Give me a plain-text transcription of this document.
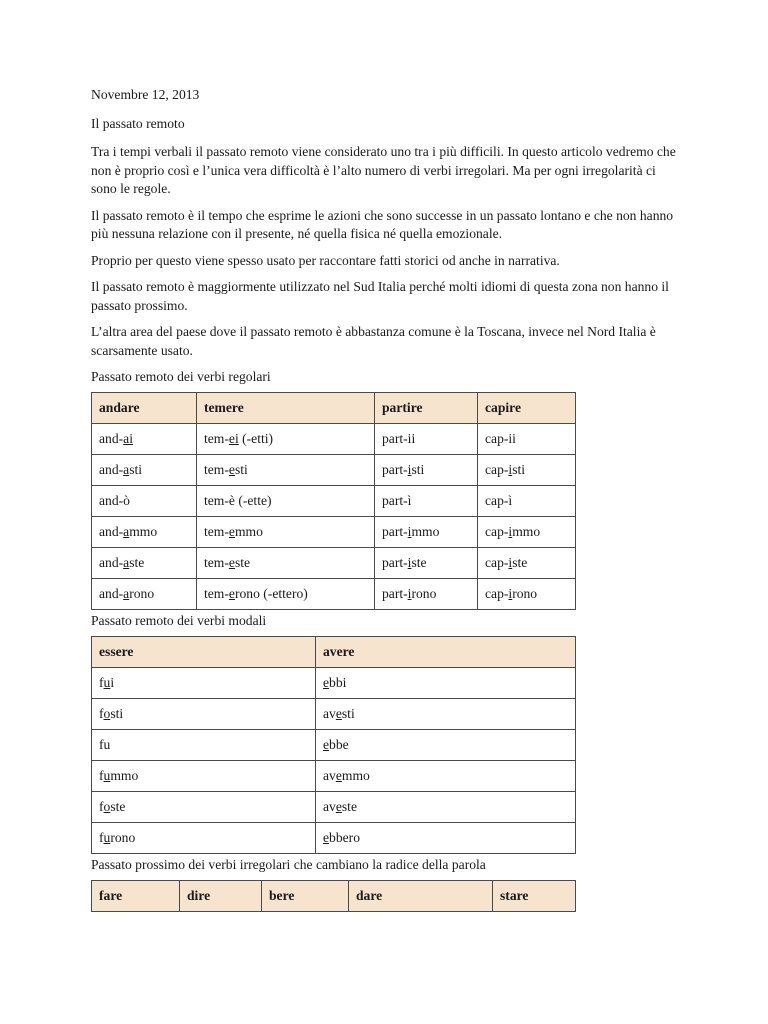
Novembre 12, 2013

Il passato remoto

Tra i tempi verbali il passato remoto viene considerato uno tra i più difficili. In questo articolo vedremo che non è proprio così e l’unica vera difficoltà è l’alto numero di verbi irregolari. Ma per ogni irregolarità ci sono le regole.

Il passato remoto è il tempo che esprime le azioni che sono successe in un passato lontano e che non hanno più nessuna relazione con il presente, né quella fisica né quella emozionale.

Proprio per questo viene spesso usato per raccontare fatti storici od anche in narrativa.

Il passato remoto è maggiormente utilizzato nel Sud Italia perché molti idiomi di questa zona non hanno il passato prossimo.

L’altra area del paese dove il passato remoto è abbastanza comune è la Toscana, invece nel Nord Italia è scarsamente usato.

Passato remoto dei verbi regolari

andare	temere	partire	capire
and-ai	tem-ei (-etti)	part-ii	cap-ii
and-asti	tem-esti	part-isti	cap-isti
and-ò	tem-è (-ette)	part-ì	cap-ì
and-ammo	tem-emmo	part-immo	cap-immo
and-aste	tem-este	part-iste	cap-iste
and-arono	tem-erono (-ettero)	part-irono	cap-irono

Passato remoto dei verbi modali

essere	avere
fui	ebbi
fosti	avesti
fu	ebbe
fummo	avemmo
foste	aveste
furono	ebbero

Passato prossimo dei verbi irregolari che cambiano la radice della parola

fare	dire	bere	dare	stare
